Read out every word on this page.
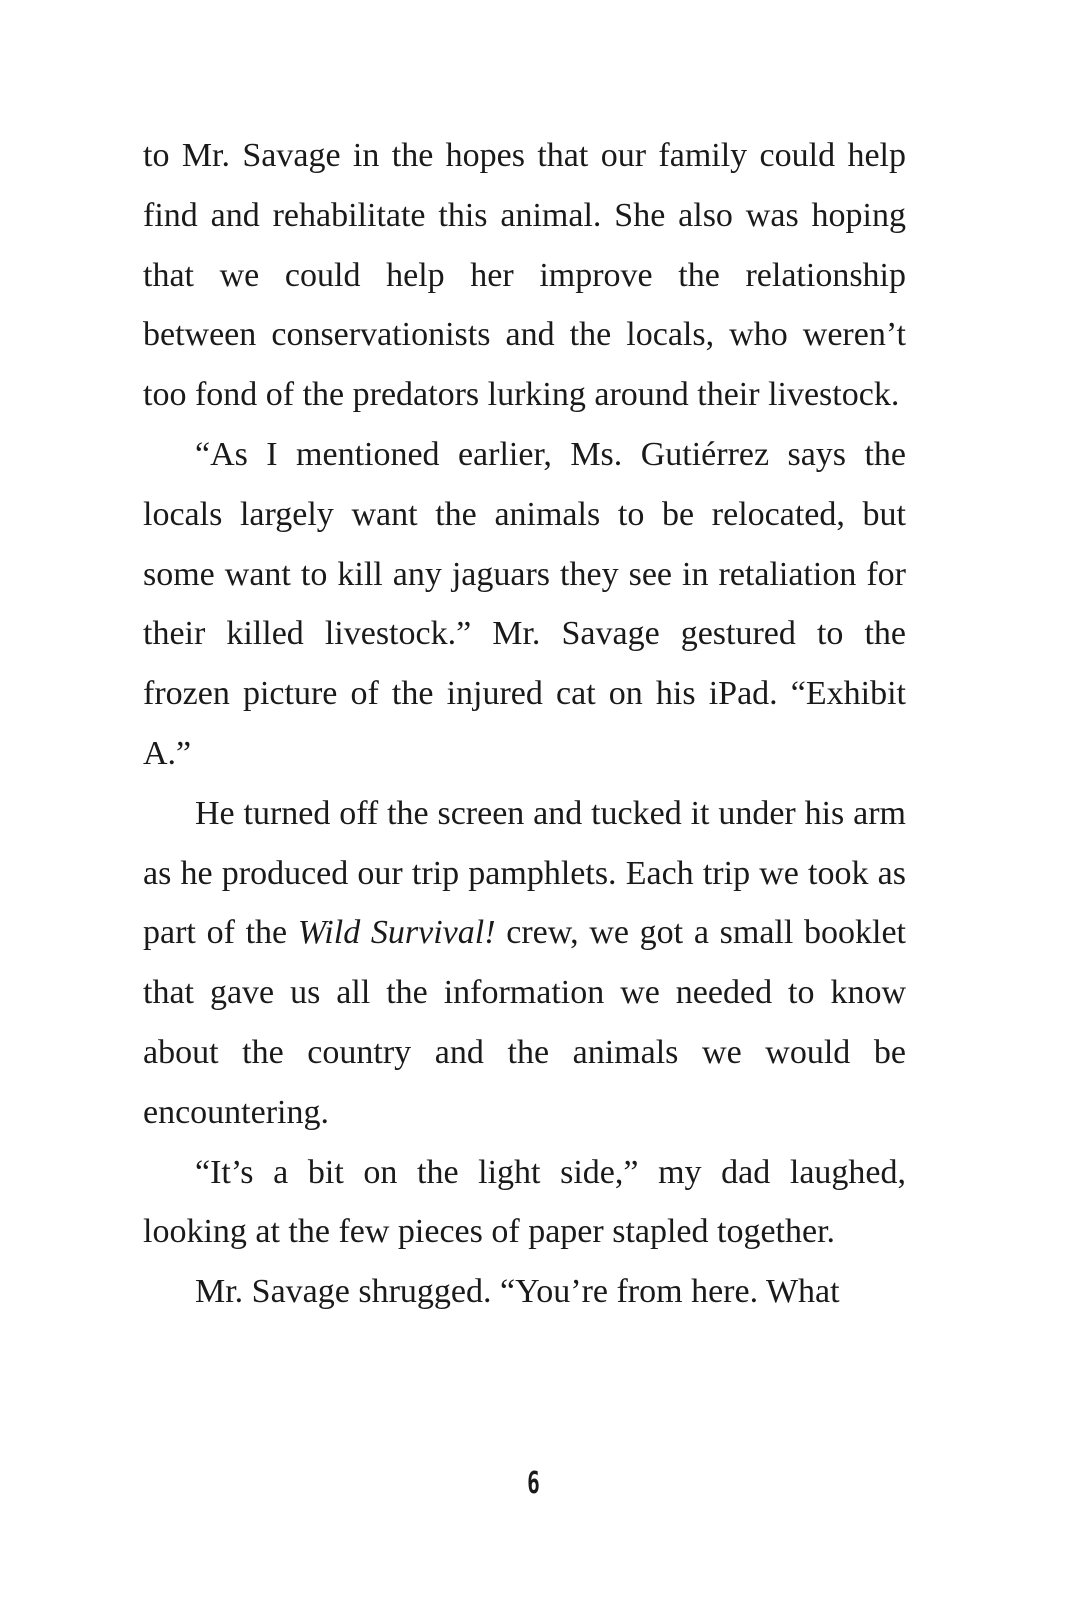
to Mr. Savage in the hopes that our family could help find and rehabilitate this animal. She also was hoping that we could help her improve the relationship between conservationists and the locals, who weren’t too fond of the predators lurking around their livestock.

“As I mentioned earlier, Ms. Gutiérrez says the locals largely want the animals to be relocated, but some want to kill any jaguars they see in retaliation for their killed livestock.” Mr. Savage gestured to the frozen picture of the injured cat on his iPad. “Exhibit A.”

He turned off the screen and tucked it under his arm as he produced our trip pamphlets. Each trip we took as part of the Wild Survival! crew, we got a small booklet that gave us all the information we needed to know about the country and the animals we would be encountering.

“It’s a bit on the light side,” my dad laughed, looking at the few pieces of paper stapled together.

Mr. Savage shrugged. “You’re from here. What

6
